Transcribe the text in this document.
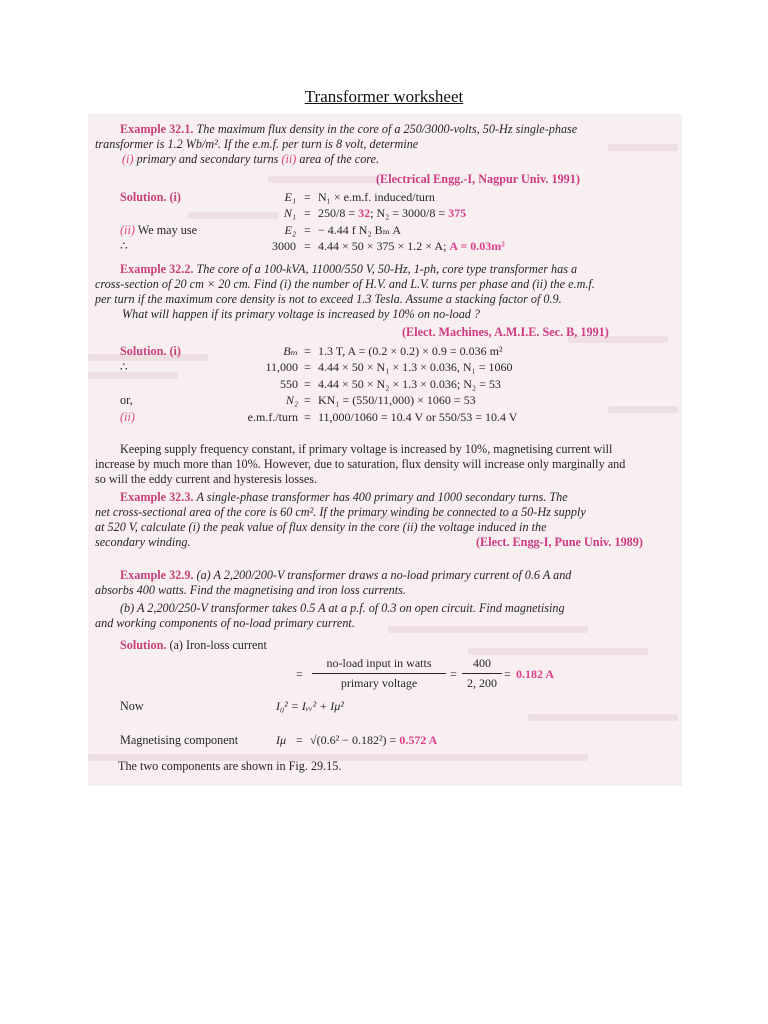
Transformer worksheet
Example 32.1. The maximum flux density in the core of a 250/3000-volts, 50-Hz single-phase
transformer is 1.2 Wb/m². If the e.m.f. per turn is 8 volt, determine
(i) primary and secondary turns (ii) area of the core.
(Electrical Engg.-I, Nagpur Univ. 1991)
Solution. (i)	E₁ = N₁ × e.m.f. induced/turn
N₁ = 250/8 = 32; N₂ = 3000/8 = 375
(ii) We may use	E₂ = − 4.44 f N₂ Bₘ A
∴	3000 = 4.44 × 50 × 375 × 1.2 × A; A = 0.03m²
Example 32.2. The core of a 100-kVA, 11000/550 V, 50-Hz, 1-ph, core type transformer has a
cross-section of 20 cm × 20 cm. Find (i) the number of H.V. and L.V. turns per phase and (ii) the e.m.f.
per turn if the maximum core density is not to exceed 1.3 Tesla. Assume a stacking factor of 0.9.
What will happen if its primary voltage is increased by 10% on no-load ?
(Elect. Machines, A.M.I.E. Sec. B, 1991)
Solution. (i)	Bₘ = 1.3 T, A = (0.2 × 0.2) × 0.9 = 0.036 m²
∴	11,000 = 4.44 × 50 × N₁ × 1.3 × 0.036, N₁ = 1060
550 = 4.44 × 50 × N₂ × 1.3 × 0.036; N₂ = 53
or,	N₂ = KN₁ = (550/11,000) × 1060 = 53
(ii)	e.m.f./turn = 11,000/1060 = 10.4 V or 550/53 = 10.4 V
Keeping supply frequency constant, if primary voltage is increased by 10%, magnetising current will
increase by much more than 10%. However, due to saturation, flux density will increase only marginally and
so will the eddy current and hysteresis losses.
Example 32.3. A single-phase transformer has 400 primary and 1000 secondary turns. The
net cross-sectional area of the core is 60 cm². If the primary winding be connected to a 50-Hz supply
at 520 V, calculate (i) the peak value of flux density in the core (ii) the voltage induced in the
secondary winding.	(Elect. Engg-I, Pune Univ. 1989)
Example 32.9. (a) A 2,200/200-V transformer draws a no-load primary current of 0.6 A and
absorbs 400 watts. Find the magnetising and iron loss currents.
(b) A 2,200/250-V transformer takes 0.5 A at a p.f. of 0.3 on open circuit. Find magnetising
and working components of no-load primary current.
Solution. (a) Iron-loss current
=
no-load input in watts
primary voltage
=
400
2, 200
= 0.182 A
Now	I₀² = Iᵥᵥ² + Iμ²
Magnetising component	Iμ = √(0.6² − 0.182²) = 0.572 A
The two components are shown in Fig. 29.15.
